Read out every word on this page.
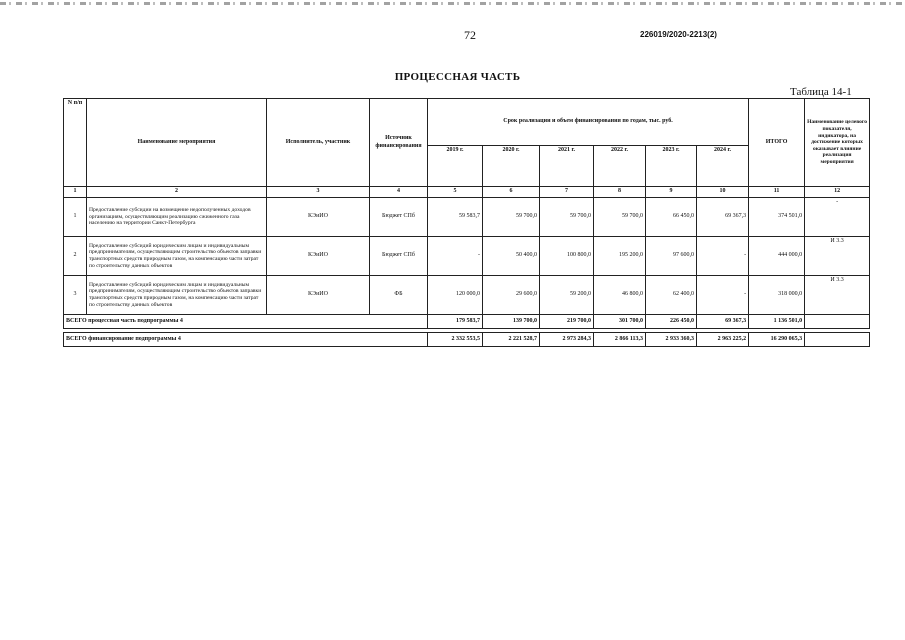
72	226019/2020-2213(2)
ПРОЦЕССНАЯ ЧАСТЬ
Таблица 14-1
N п/п	Наименование мероприятия	Исполнитель, участник	Источник финансирования	Срок реализации и объем финансирования по годам, тыс. руб.						ИТОГО	Наименование целевого показателя, индикатора, на достижение которых оказывает влияние реализация мероприятия
				2019 г.	2020 г.	2021 г.	2022 г.	2023 г.	2024 г.		
1	2	3	4	5	6	7	8	9	10	11	12
1	Предоставление субсидии на возмещение недополученных доходов организациям, осуществляющим реализацию сжиженного газа населению на территории Санкт-Петербурга	КЭиИО	Бюджет СПб	59 583,7	59 700,0	59 700,0	59 700,0	66 450,0	69 367,3	374 501,0	-
2	Предоставление субсидий юридическим лицам и индивидуальным предпринимателям, осуществляющим строительство объектов заправки транспортных средств природным газом, на компенсацию части затрат по строительству данных объектов	КЭиИО	Бюджет СПб	-	50 400,0	100 800,0	195 200,0	97 600,0	-	444 000,0	И 3.3
3	Предоставление субсидий юридическим лицам и индивидуальным предпринимателям, осуществляющим строительство объектов заправки транспортных средств природным газом, на компенсацию части затрат по строительству данных объектов	КЭиИО	ФБ	120 000,0	29 600,0	59 200,0	46 800,0	62 400,0	-	318 000,0	И 3.3
ВСЕГО процессная часть подпрограммы 4				179 583,7	139 700,0	219 700,0	301 700,0	226 450,0	69 367,3	1 136 501,0	

ВСЕГО финансирование подпрограммы 4				2 332 553,5	2 221 528,7	2 973 284,3	2 866 113,3	2 933 360,3	2 963 225,2	16 290 065,3	
